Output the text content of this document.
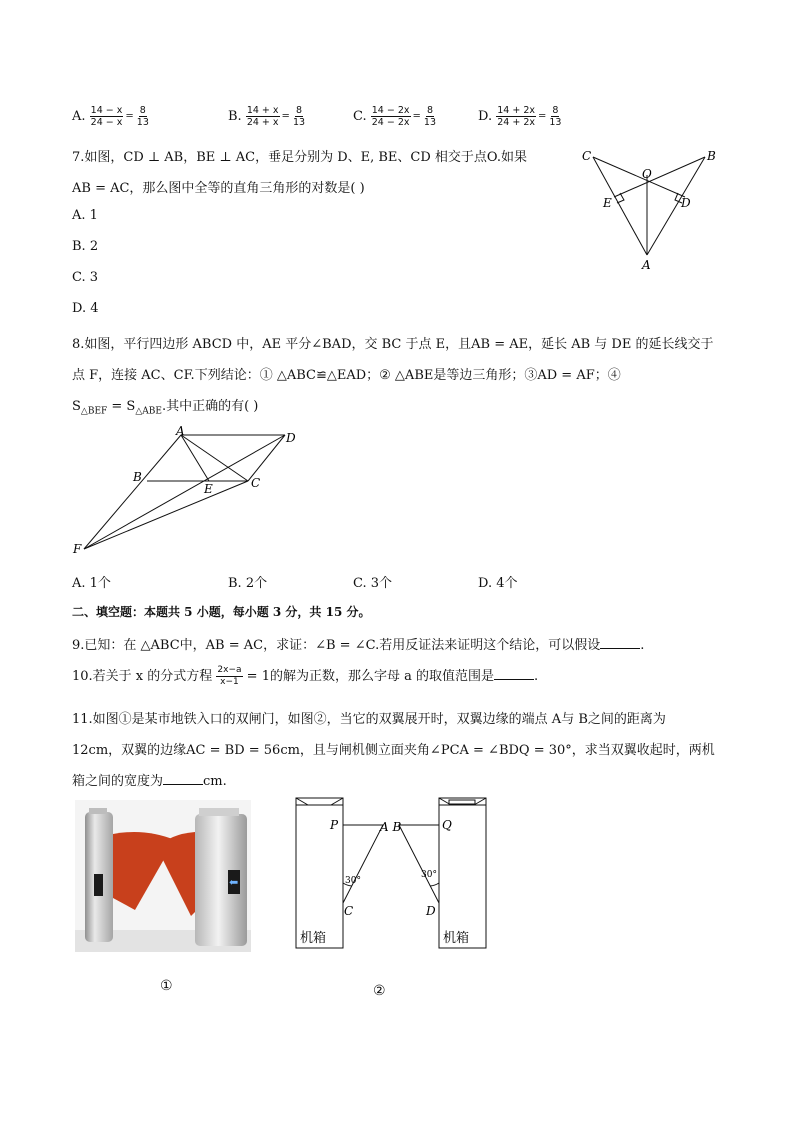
A. $\frac{14 - x}{24 - x} = \frac{8}{13}$	B. $\frac{14 + x}{24 + x} = \frac{8}{13}$	C. $\frac{14 - 2x}{24 - 2x} = \frac{8}{13}$	D. $\frac{14 + 2x}{24 + 2x} = \frac{8}{13}$
7.如图，CD ⊥ AB，BE ⊥ AC，垂足分别为 D、E, BE、CD 相交于点O.如果
AB = AC，那么图中全等的直角三角形的对数是( )
A. 1
B. 2
C. 3
D. 4
C	B
O
E	D
A
8.如图，平行四边形 ABCD 中，AE 平分∠BAD，交 BC 于点 E，且AB = AE，延长 AB 与 DE 的延长线交于
点 F，连接 AC、CF.下列结论：① △ABC≌△EAD；② △ABE是等边三角形；③AD = AF；④
$S_{\triangle BEF} = S_{\triangle ABE}$.其中正确的有( )
A	D
B
E	C
F
A. 1个	B. 2个	C. 3个	D. 4个
二、填空题：本题共 5 小题，每小题 3 分，共 15 分。
9.已知：在 △ABC中，AB = AC，求证：∠B = ∠C.若用反证法来证明这个结论，可以假设	.
10.若关于 x 的分式方程 $\frac{2x-a}{x-1} = 1$的解为正数，那么字母 a 的取值范围是	.
11.如图①是某市地铁入口的双闸门，如图②，当它的双翼展开时，双翼边缘的端点 A与 B之间的距离为
12cm，双翼的边缘AC = BD = 56cm，且与闸机侧立面夹角∠PCA = ∠BDQ = 30°，求当双翼收起时，两机
箱之间的宽度为	cm.
⬅
①
P	A B	Q
30°
30°
C	D
机箱	机箱
②
